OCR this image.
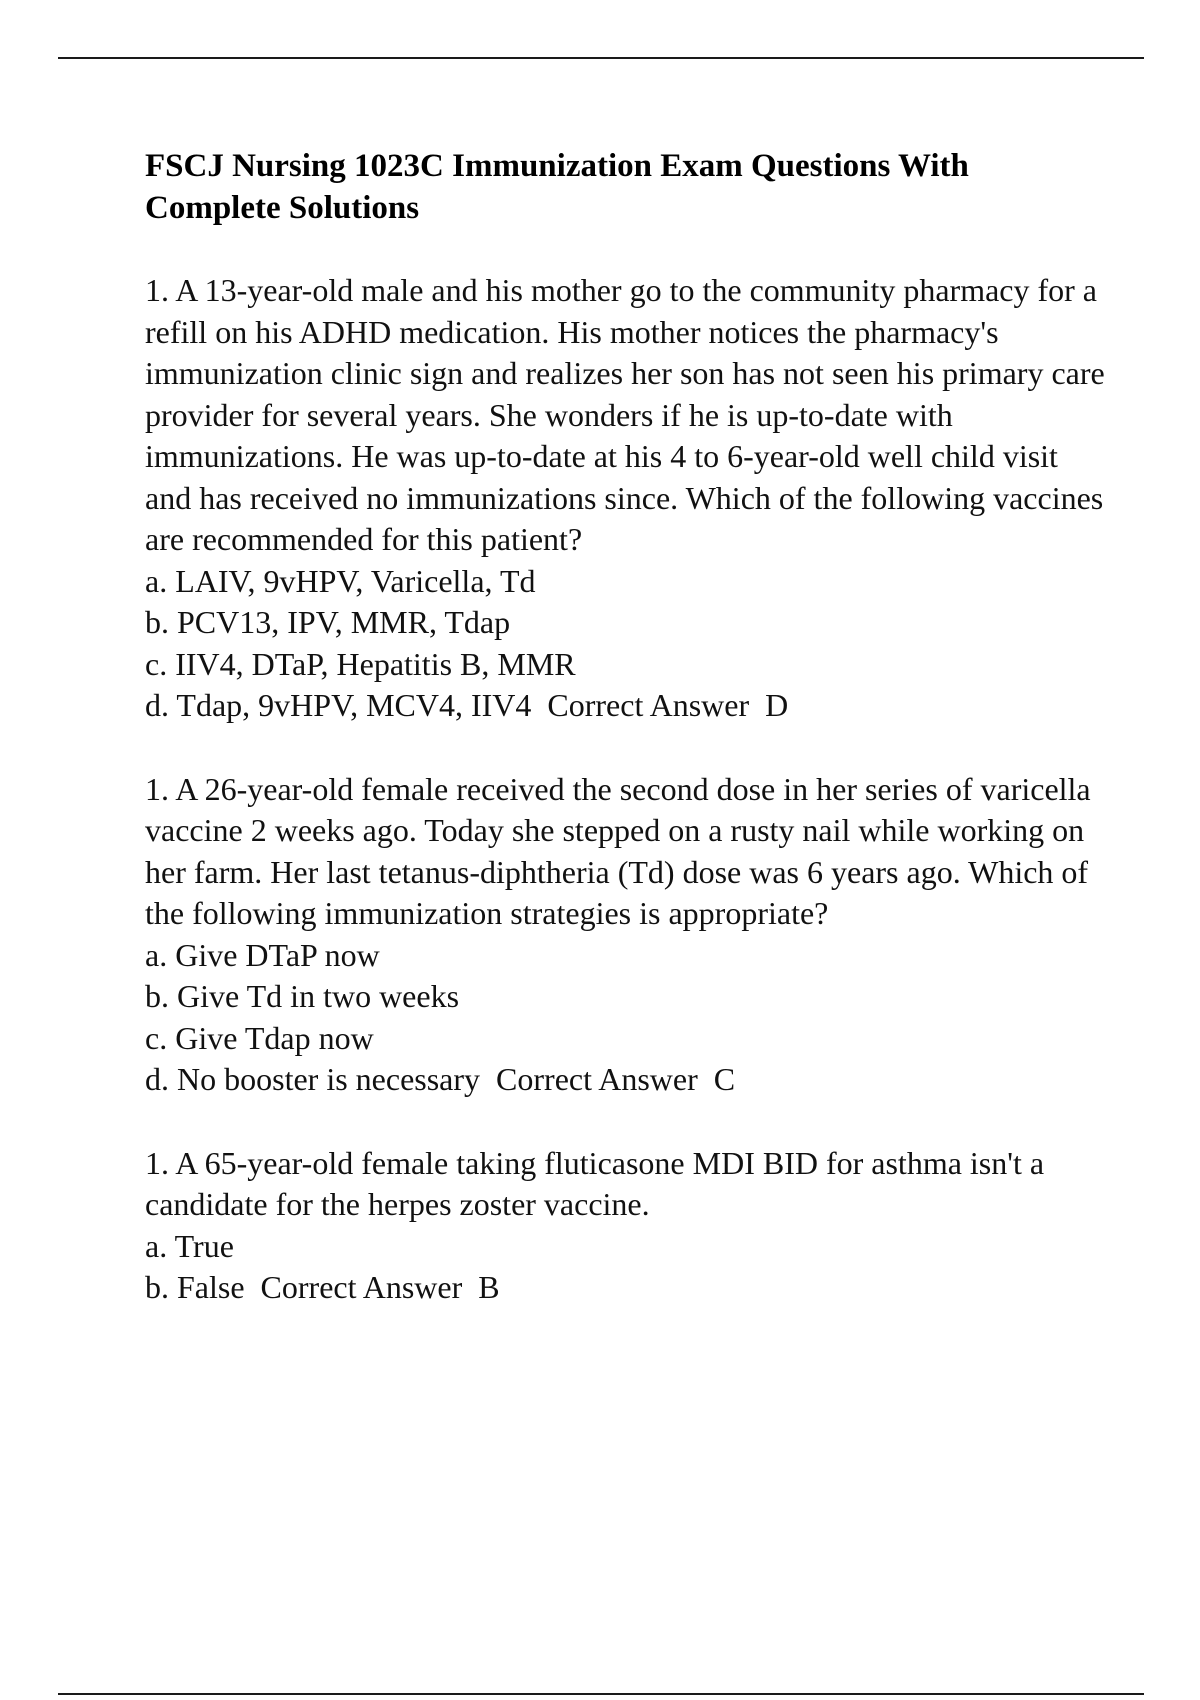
FSCJ Nursing 1023C Immunization Exam Questions With Complete Solutions

1. A 13-year-old male and his mother go to the community pharmacy for a refill on his ADHD medication. His mother notices the pharmacy's immunization clinic sign and realizes her son has not seen his primary care provider for several years. She wonders if he is up-to-date with immunizations. He was up-to-date at his 4 to 6-year-old well child visit and has received no immunizations since. Which of the following vaccines are recommended for this patient?

a. LAIV, 9vHPV, Varicella, Td
b. PCV13, IPV, MMR, Tdap
c. IIV4, DTaP, Hepatitis B, MMR
d. Tdap, 9vHPV, MCV4, IIV4 Correct Answer D

1. A 26-year-old female received the second dose in her series of varicella vaccine 2 weeks ago. Today she stepped on a rusty nail while working on her farm. Her last tetanus-diphtheria (Td) dose was 6 years ago. Which of the following immunization strategies is appropriate?

a. Give DTaP now
b. Give Td in two weeks
c. Give Tdap now
d. No booster is necessary Correct Answer C

1. A 65-year-old female taking fluticasone MDI BID for asthma isn't a candidate for the herpes zoster vaccine.

a. True
b. False Correct Answer B
